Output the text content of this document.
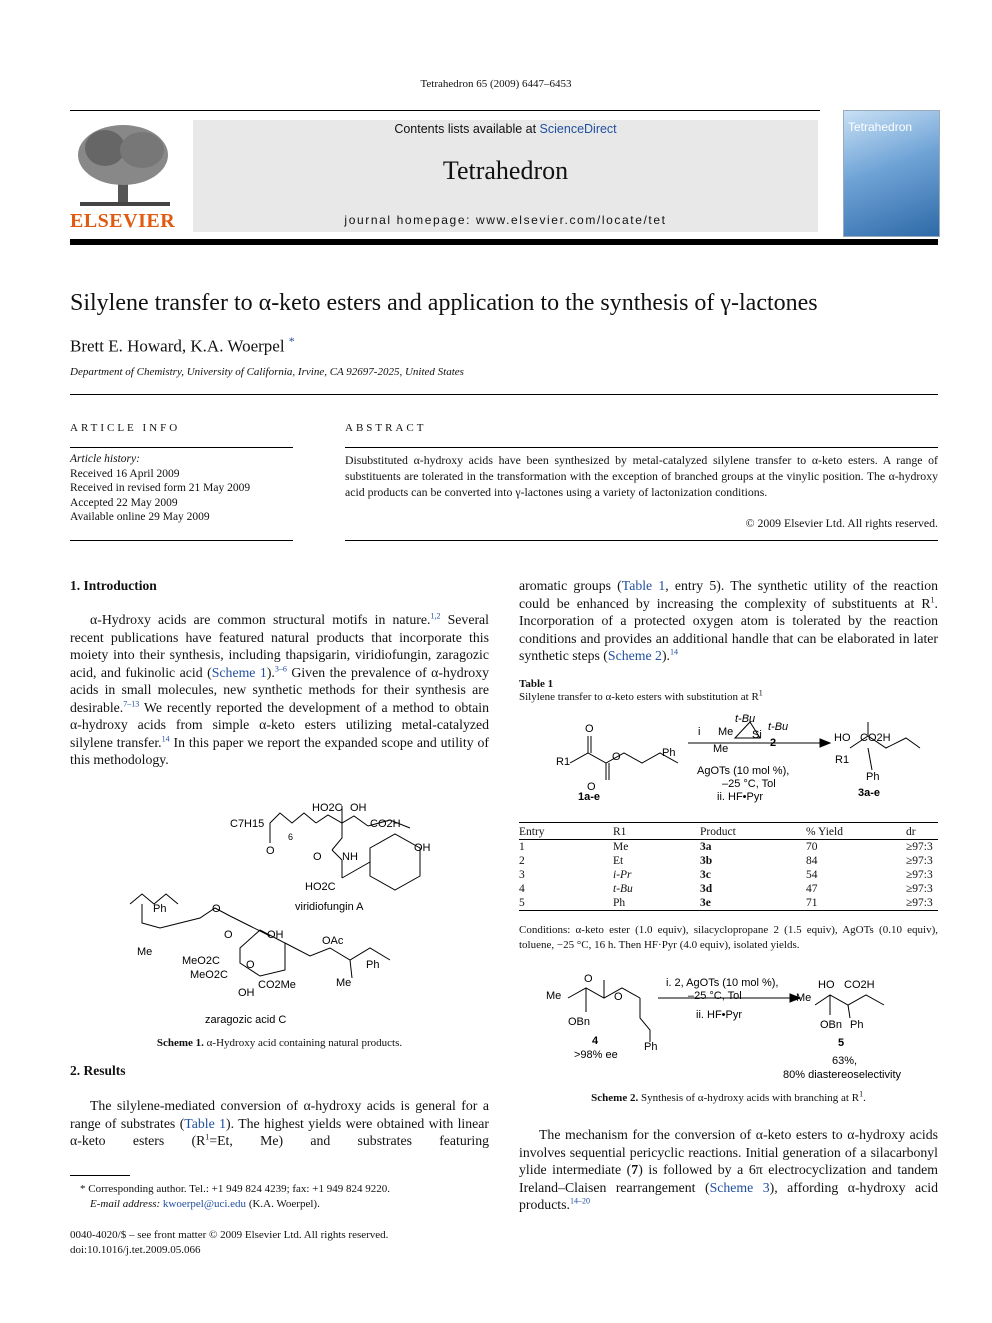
Tetrahedron 65 (2009) 6447–6453
ELSEVIER
Contents lists available at ScienceDirect
Tetrahedron
journal homepage: www.elsevier.com/locate/tet
Tetrahedron
Silylene transfer to α-keto esters and application to the synthesis of γ-lactones
Brett E. Howard, K.A. Woerpel *
Department of Chemistry, University of California, Irvine, CA 92697-2025, United States
ARTICLE INFO
Article history:
Received 16 April 2009
Received in revised form 21 May 2009
Accepted 22 May 2009
Available online 29 May 2009
ABSTRACT
Disubstituted α-hydroxy acids have been synthesized by metal-catalyzed silylene transfer to α-keto esters. A range of substituents are tolerated in the transformation with the exception of branched groups at the vinylic position. The α-hydroxy acid products can be converted into γ-lactones using a variety of lactonization conditions.
© 2009 Elsevier Ltd. All rights reserved.
1. Introduction
α-Hydroxy acids are common structural motifs in nature.$^{1,2}$ Several recent publications have featured natural products that incorporate this moiety into their synthesis, including thapsigarin, viridiofungin, zaragozic acid, and fukinolic acid (Scheme 1).$^{3-6}$ Given the prevalence of α-hydroxy acids in small molecules, new synthetic methods for their synthesis are desirable.$^{7-13}$ We recently reported the development of a method to obtain α-hydroxy acids from simple α-keto esters utilizing metal-catalyzed silylene transfer.$^{14}$ In this paper we report the expanded scope and utility of this methodology.
C7H15
6
O
HO2C OH
CO2H
O NH
OH
HO2C
viridiofungin A
Ph
Me
O
O	OH	OAc
MeO2C
MeO2C
O
OH
CO2Me
Ph
Me
zaragozic acid C
Scheme 1. α-Hydroxy acid containing natural products.
2. Results
The silylene-mediated conversion of α-hydroxy acids is general for a range of substrates (Table 1). The highest yields were obtained with linear α-keto esters ($R^1=Et$, Me) and substrates featuring
* Corresponding author. Tel.: +1 949 824 4239; fax: +1 949 824 9220.
E-mail address: kwoerpel@uci.edu (K.A. Woerpel).
0040-4020/$ – see front matter © 2009 Elsevier Ltd. All rights reserved.
doi:10.1016/j.tet.2009.05.066
aromatic groups (Table 1, entry 5). The synthetic utility of the reaction could be enhanced by increasing the complexity of substituents at $R^1$. Incorporation of a protected oxygen atom is tolerated by the reaction conditions and provides an additional handle that can be elaborated in later synthetic steps (Scheme 2).$^{14}$
Table 1
Silylene transfer to α-keto esters with substitution at $R^1$
R1
O
O
O
Ph
1a-e
i
t-Bu
t-Bu
Me Si
2
Me
AgOTs (10 mol %),
–25 °C, Tol
ii. HF•Pyr
HO CO2H
R1
Ph
3a-e
Entry	R1	Product	% Yield	dr
1	Me	3a	70	≥97:3
2	Et	3b	84	≥97:3
3	i-Pr	3c	54	≥97:3
4	t-Bu	3d	47	≥97:3
5	Ph	3e	71	≥97:3
Conditions: α-keto ester (1.0 equiv), silacyclopropane 2 (1.5 equiv), AgOTs (0.10 equiv), toluene, −25 °C, 16 h. Then HF·Pyr (4.0 equiv), isolated yields.
Me
O
O
OBn
Ph
4
>98% ee
i. 2, AgOTs (10 mol %),
–25 °C, Tol
ii. HF•Pyr
Me
HO CO2H
OBn Ph
5
63%,
80% diastereoselectivity
Scheme 2. Synthesis of α-hydroxy acids with branching at $R^1$.
The mechanism for the conversion of α-keto esters to α-hydroxy acids involves sequential pericyclic reactions. Initial generation of a silacarbonyl ylide intermediate (7) is followed by a 6π electrocyclization and tandem Ireland–Claisen rearrangement (Scheme 3), affording α-hydroxy acid products.$^{14-20}$
